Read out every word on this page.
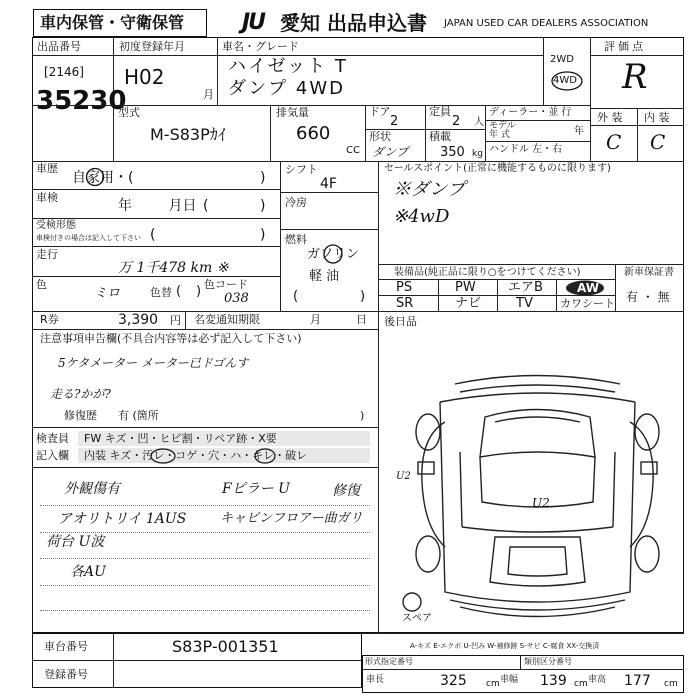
車内保管・守衛保管	JU 愛知 出品申込書 JAPAN USED CAR DEALERS ASSOCIATION
出品番号
[2146]
35230
初度登録年月
H02
月
車名・グレード
ハイゼット T
ダンプ 4WD
2WD
4WD
評価点
R
外 装 内 装
C C
型式
M-S83Pｶｲ
排気量
660
CC
ドア
2
定員
2 人
形状
ダンプ
積載
350 kg
ディーラー・並 行
モデル
年 式	年
ハンドル 左・右
車歴
自家用・(	)
車検
年 月日 (	)
受検形態
車検付きの場合は記入して下さい (	)
走行
万 1千478 km ※
色
ミロ	色替 ( ) 色コード
038
シフト
4F
冷房
燃料
ガソリン
軽 油
(	)
セールスポイント(正常に機能するものに限ります)
※ダンプ
※4wD
装備品(純正品に限り○をつけてください)
PS	PW エアB	AW
SR	ナビ	TV カワシート
新車保証書
有 ・ 無
R券	3,390 円 名変通知期限	月	日 後日品
注意事項申告欄(不具合内容等は必ず記入して下さい)
5ケタメーター メーター已ドゴんす
走る?かが?
修復歴 有 (箇所	)
検査員
記入欄
FW キズ・凹・ヒビ割・リペア跡・X要
内装 キズ・汚レ・コゲ・穴・ハ・キレ・破レ
外観傷有
アオリトリイ 1AUS
荷台 U波
各AU
Fピラー U	修復
キャビンフロアー曲ガリ
U2
U2
スペア
車台番号	S83P-001351
登録番号
A-キズ E-エクボ U-凹み W-補修跡 S-サビ C-腐食 XX-交換済
形式指定番号	類別区分番号
車長	325 cm 車幅 139 cm 車高 177 cm
